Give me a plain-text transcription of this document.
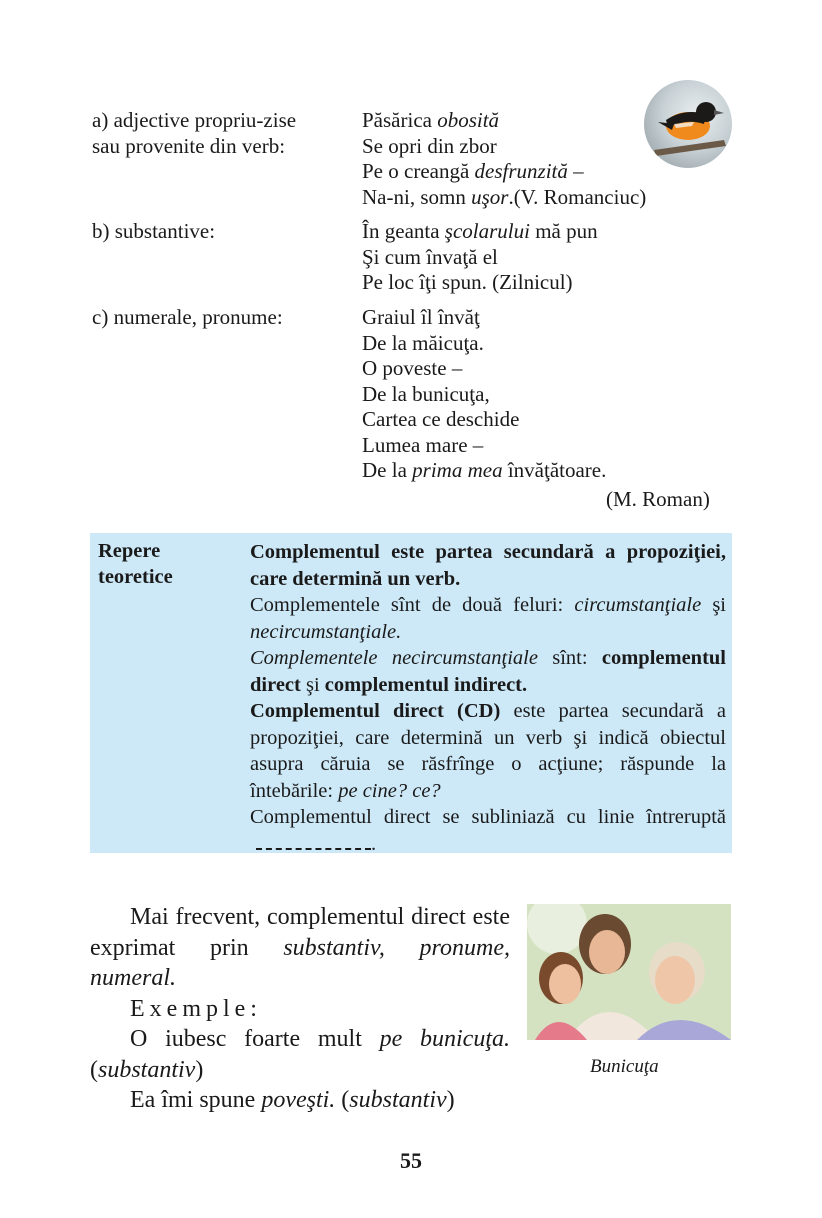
a) adjective propriu-zise
sau provenite din verb:
Păsărica obosită
Se opri din zbor
Pe o creangă desfrunzită –
Na-ni, somn uşor.(V. Romanciuc)
b) substantive:	În geanta şcolarului mă pun
Şi cum învaţă el
Pe loc îţi spun. (Zilnicul)
c) numerale, pronume:	Graiul îl învăţ
De la măicuţa.
O poveste –
De la bunicuţa,
Cartea ce deschide
Lumea mare –
De la prima mea învăţătoare.
(M. Roman)
Repere
teoretice

Complementul este partea secundară a propoziţiei, care determină un verb.

Complementele sînt de două feluri: circumstanţiale şi necircumstanţiale.

Complementele necircumstanţiale sînt: complementul direct şi complementul indirect.

Complementul direct (CD) este partea secundară a propoziţiei, care determină un verb şi indică obiectul asupra căruia se răsfrînge o acţiune; răspunde la întebările: pe cine? ce?

Complementul direct se subliniază cu linie întreruptă.

Mai frecvent, complementul direct este exprimat prin substantiv, pronume, numeral.

Exemple:

O iubesc foarte mult pe bunicuţa. (substantiv)

Ea îmi spune poveşti. (substantiv)

Bunicuţa
55
